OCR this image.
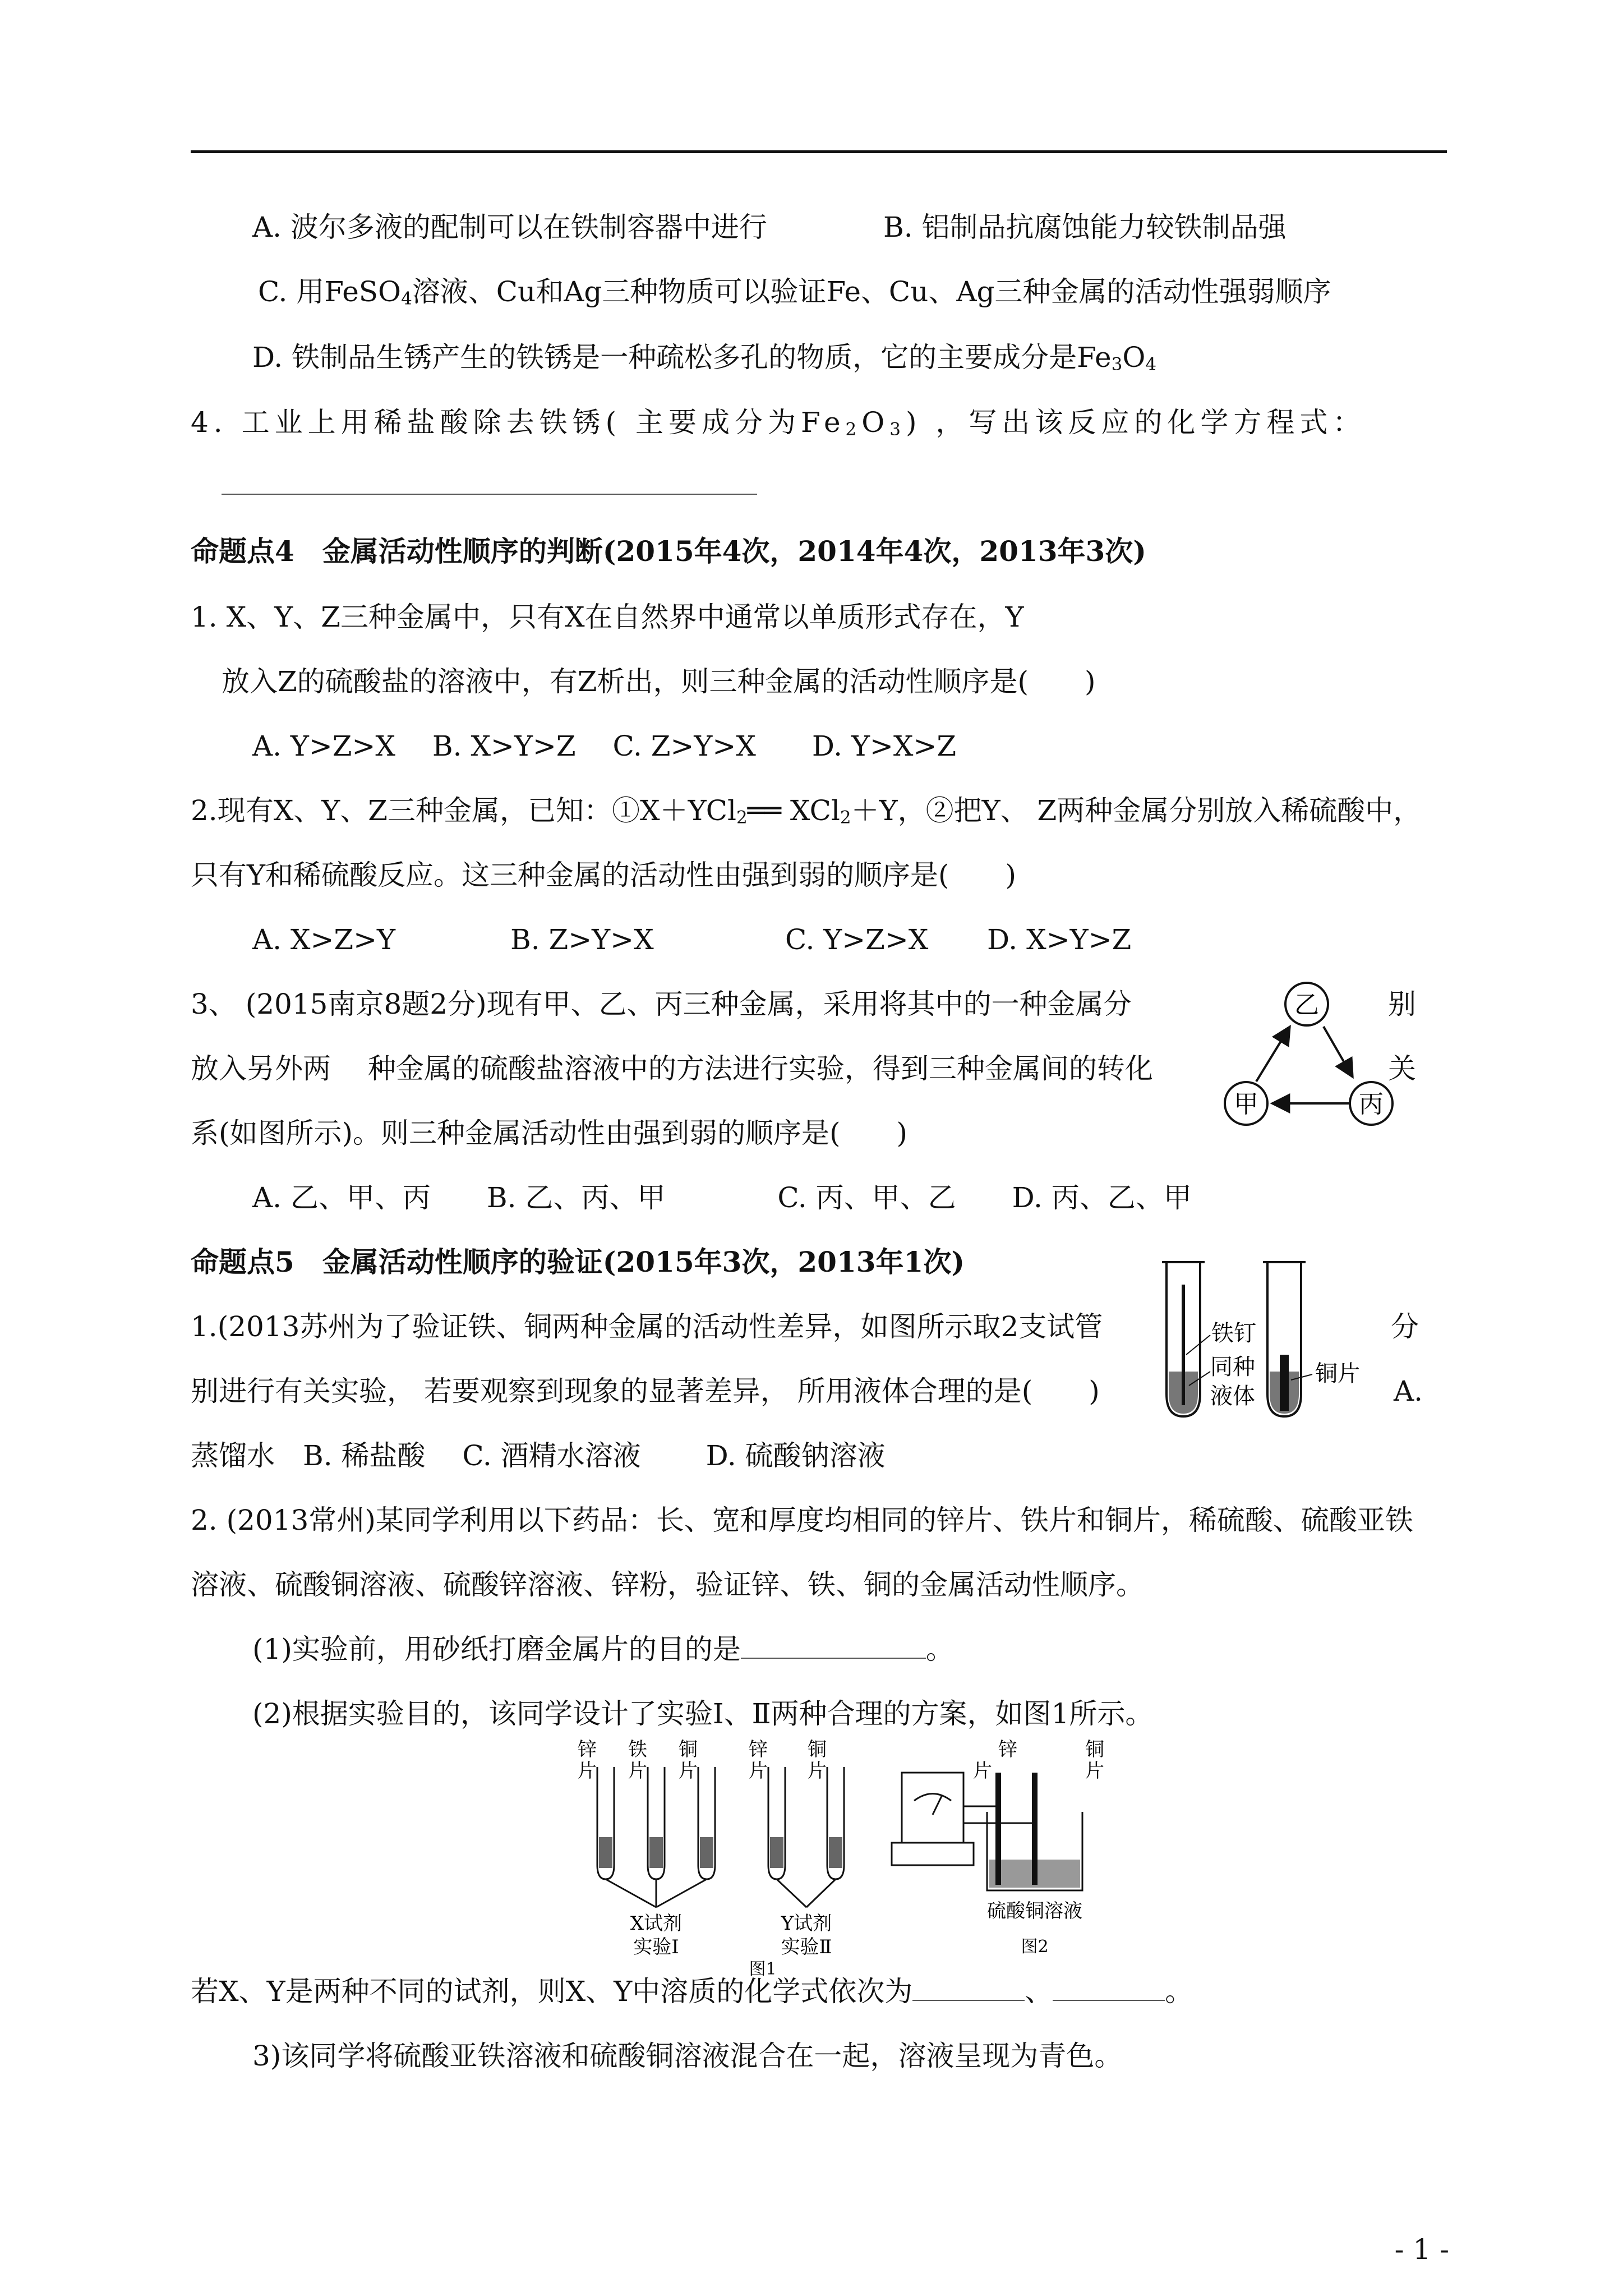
A. 波尔多液的配制可以在铁制容器中进行	B. 铝制品抗腐蚀能力较铁制品强
C. 用FeSO$_4$溶液、Cu和Ag三种物质可以验证Fe、Cu、Ag三种金属的活动性强弱顺序
D. 铁制品生锈产生的铁锈是一种疏松多孔的物质，它的主要成分是$Fe_3O_4$
4. 工业上用稀盐酸除去铁锈( 主要成分为$Fe_2O_3$) ，写出该反应的化学方程式：
命题点4　金属活动性顺序的判断(2015年4次，2014年4次，2013年3次)
1. X、Y、Z三种金属中，只有X在自然界中通常以单质形式存在，Y
放入Z的硫酸盐的溶液中，有Z析出，则三种金属的活动性顺序是(　　)
A. Y>Z>X　 B. X>Y>Z　 C. Z>Y>X　　D. Y>X>Z
2.现有X、Y、Z三种金属，已知：①X＋YCl$_2$══ XCl$_2$＋Y，②把Y、 Z两种金属分别放入稀硫酸中，
只有Y和稀硫酸反应。这三种金属的活动性由强到弱的顺序是(　　)
A. X>Z>Y	B. Z>Y>X	C. Y>Z>X D. X>Y>Z
3、 (2015南京8题2分)现有甲、乙、丙三种金属，采用将其中的一种金属分	别
放入另外两　 种金属的硫酸盐溶液中的方法进行实验，得到三种金属间的转化	关
系(如图所示)。则三种金属活动性由强到弱的顺序是(　　)
A. 乙、甲、丙　　B. 乙、丙、甲　　　　C. 丙、甲、乙　　D. 丙、乙、甲
乙
甲	丙
命题点5　金属活动性顺序的验证(2015年3次，2013年1次)
1.(2013苏州为了验证铁、铜两种金属的活动性差异，如图所示取2支试管	分
别进行有关实验， 若要观察到现象的显著差异， 所用液体合理的是(　　)	A.
蒸馏水　B. 稀盐酸　 C. 酒精水溶液　　 D. 硫酸钠溶液
铁钉
同种
液体
铜片
2. (2013常州)某同学利用以下药品：长、宽和厚度均相同的锌片、铁片和铜片，稀硫酸、硫酸亚铁
溶液、硫酸铜溶液、硫酸锌溶液、锌粉，验证锌、铁、铜的金属活动性顺序。
(1)实验前，用砂纸打磨金属片的目的是	。
(2)根据实验目的，该同学设计了实验Ⅰ、Ⅱ两种合理的方案，如图1所示。
锌
片
铁
片
铜
片
X试剂
实验Ⅰ
锌
片
铜
片
Y试剂
实验Ⅱ
图1
锌
片
铜
片
硫酸铜溶液
图2
若X、Y是两种不同的试剂，则X、Y中溶质的化学式依次为	、	。
3)该同学将硫酸亚铁溶液和硫酸铜溶液混合在一起，溶液呈现为青色。
- 1 -
